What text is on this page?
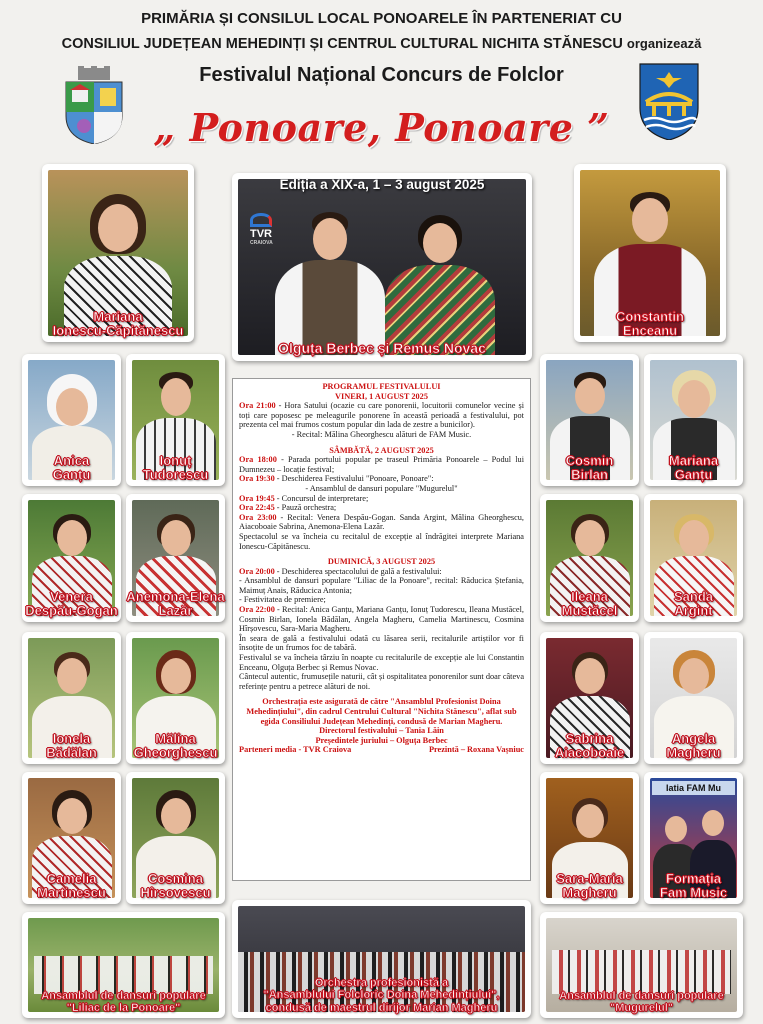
PRIMĂRIA ȘI CONSILUL LOCAL PONOARELE ÎN PARTENERIAT CU
CONSILIUL JUDEȚEAN MEHEDINȚI ȘI CENTRUL CULTURAL NICHITA STĂNESCU organizează
Festivalul Național Concurs de Folclor
„ Ponoare, Ponoare ”
Mariana
Ionescu-Căpitănescu
TVR
CRAIOVA
Ediția a XIX-a, 1 – 3 august 2025
Olguța Berbec și Remus Novac
Constantin
Enceanu
Anica
Ganțu
Ionuț
Tudorescu
Venera
Despău-Gogan
Anemona-Elena
Lazăr
Ionela
Bădălan
Mălina
Gheorghescu
Camelia
Martinescu
Cosmina
Hîrsovescu
Cosmin
Birlan
Mariana
Ganțu
Ileana
Mustăcel
Sanda
Argint
Sabrina
Aiacoboaie
Angela
Magheru
Sara-Maria
Magheru
Iatia FAM Mu
Formația
Fam Music
PROGRAMUL FESTIVALULUI
VINERI, 1 AUGUST 2025

Ora 21:00 - Hora Satului (ocazie cu care ponorenii, locuitorii comunelor vecine și toți care poposesc pe meleagurile ponorene în această perioadă a festivalului, pot prezenta cel mai frumos costum popular din lada de zestre a bunicilor).

- Recital: Mălina Gheorghescu alături de FAM Music.
SÂMBĂTĂ, 2 AUGUST 2025

Ora 18:00 - Parada portului popular pe traseul Primăria Ponoarele – Podul lui Dumnezeu – locație festival;

Ora 19:30 - Deschiderea Festivalului "Ponoare, Ponoare":

- Ansamblul de dansuri populare "Mugurelul"

Ora 19:45 - Concursul de interpretare;

Ora 22:45 - Pauză orchestra;

Ora 23:00 - Recital: Venera Despău-Gogan. Sanda Argint, Mălina Gheorghescu, Aiacoboaie Sabrina, Anemona-Elena Lazăr.

Spectacolul se va încheia cu recitalul de excepție al îndrăgitei interprete Mariana Ionescu-Căpitănescu.

DUMINICĂ, 3 AUGUST 2025

Ora 20:00 - Deschiderea spectacolului de gală a festivalului:

- Ansamblul de dansuri populare "Liliac de la Ponoare", recital: Răducica Ștefania, Maimuț Anais, Răducica Antonia;

- Festivitatea de premiere;

Ora 22:00 - Recital: Anica Ganțu, Mariana Ganțu, Ionuț Tudorescu, Ileana Mustăcel, Cosmin Birlan, Ionela Bădălan, Angela Magheru, Camelia Martinescu, Cosmina Hîrșovescu, Sara-Maria Magheru.

În seara de gală a festivalului odată cu lăsarea serii, recitalurile artiștilor vor fi însoțite de un frumos foc de tabără.

Festivalul se va încheia târziu în noapte cu recitalurile de excepție ale lui Constantin Enceanu, Olguța Berbec și Remus Novac.

Cântecul autentic, frumusețile naturii, cât și ospitalitatea ponorenilor sunt doar câteva referințe pentru a petrece alături de noi.

Orchestrația este asigurată de către "Ansamblul Profesionist Doina Mehedințiului", din cadrul Centrului Cultural "Nichita Stănescu", aflat sub egida Consiliului Județean Mehedinți, condusă de Marian Magheru.
Directorul festivalului – Tania Lăin
Președintele juriului – Olguța Berbec
Parteneri media - TVR Craiova	Prezintă – Roxana Vașniuc
Ansamblul de dansuri populare
"Liliac de la Ponoare"
Orchestra profesionistă a
"Ansamblului Folcloric Doina Mehedințiului",
condusă de maestrul dirijor Marian Magheru
Ansamblul de dansuri populare
"Mugurelul"
